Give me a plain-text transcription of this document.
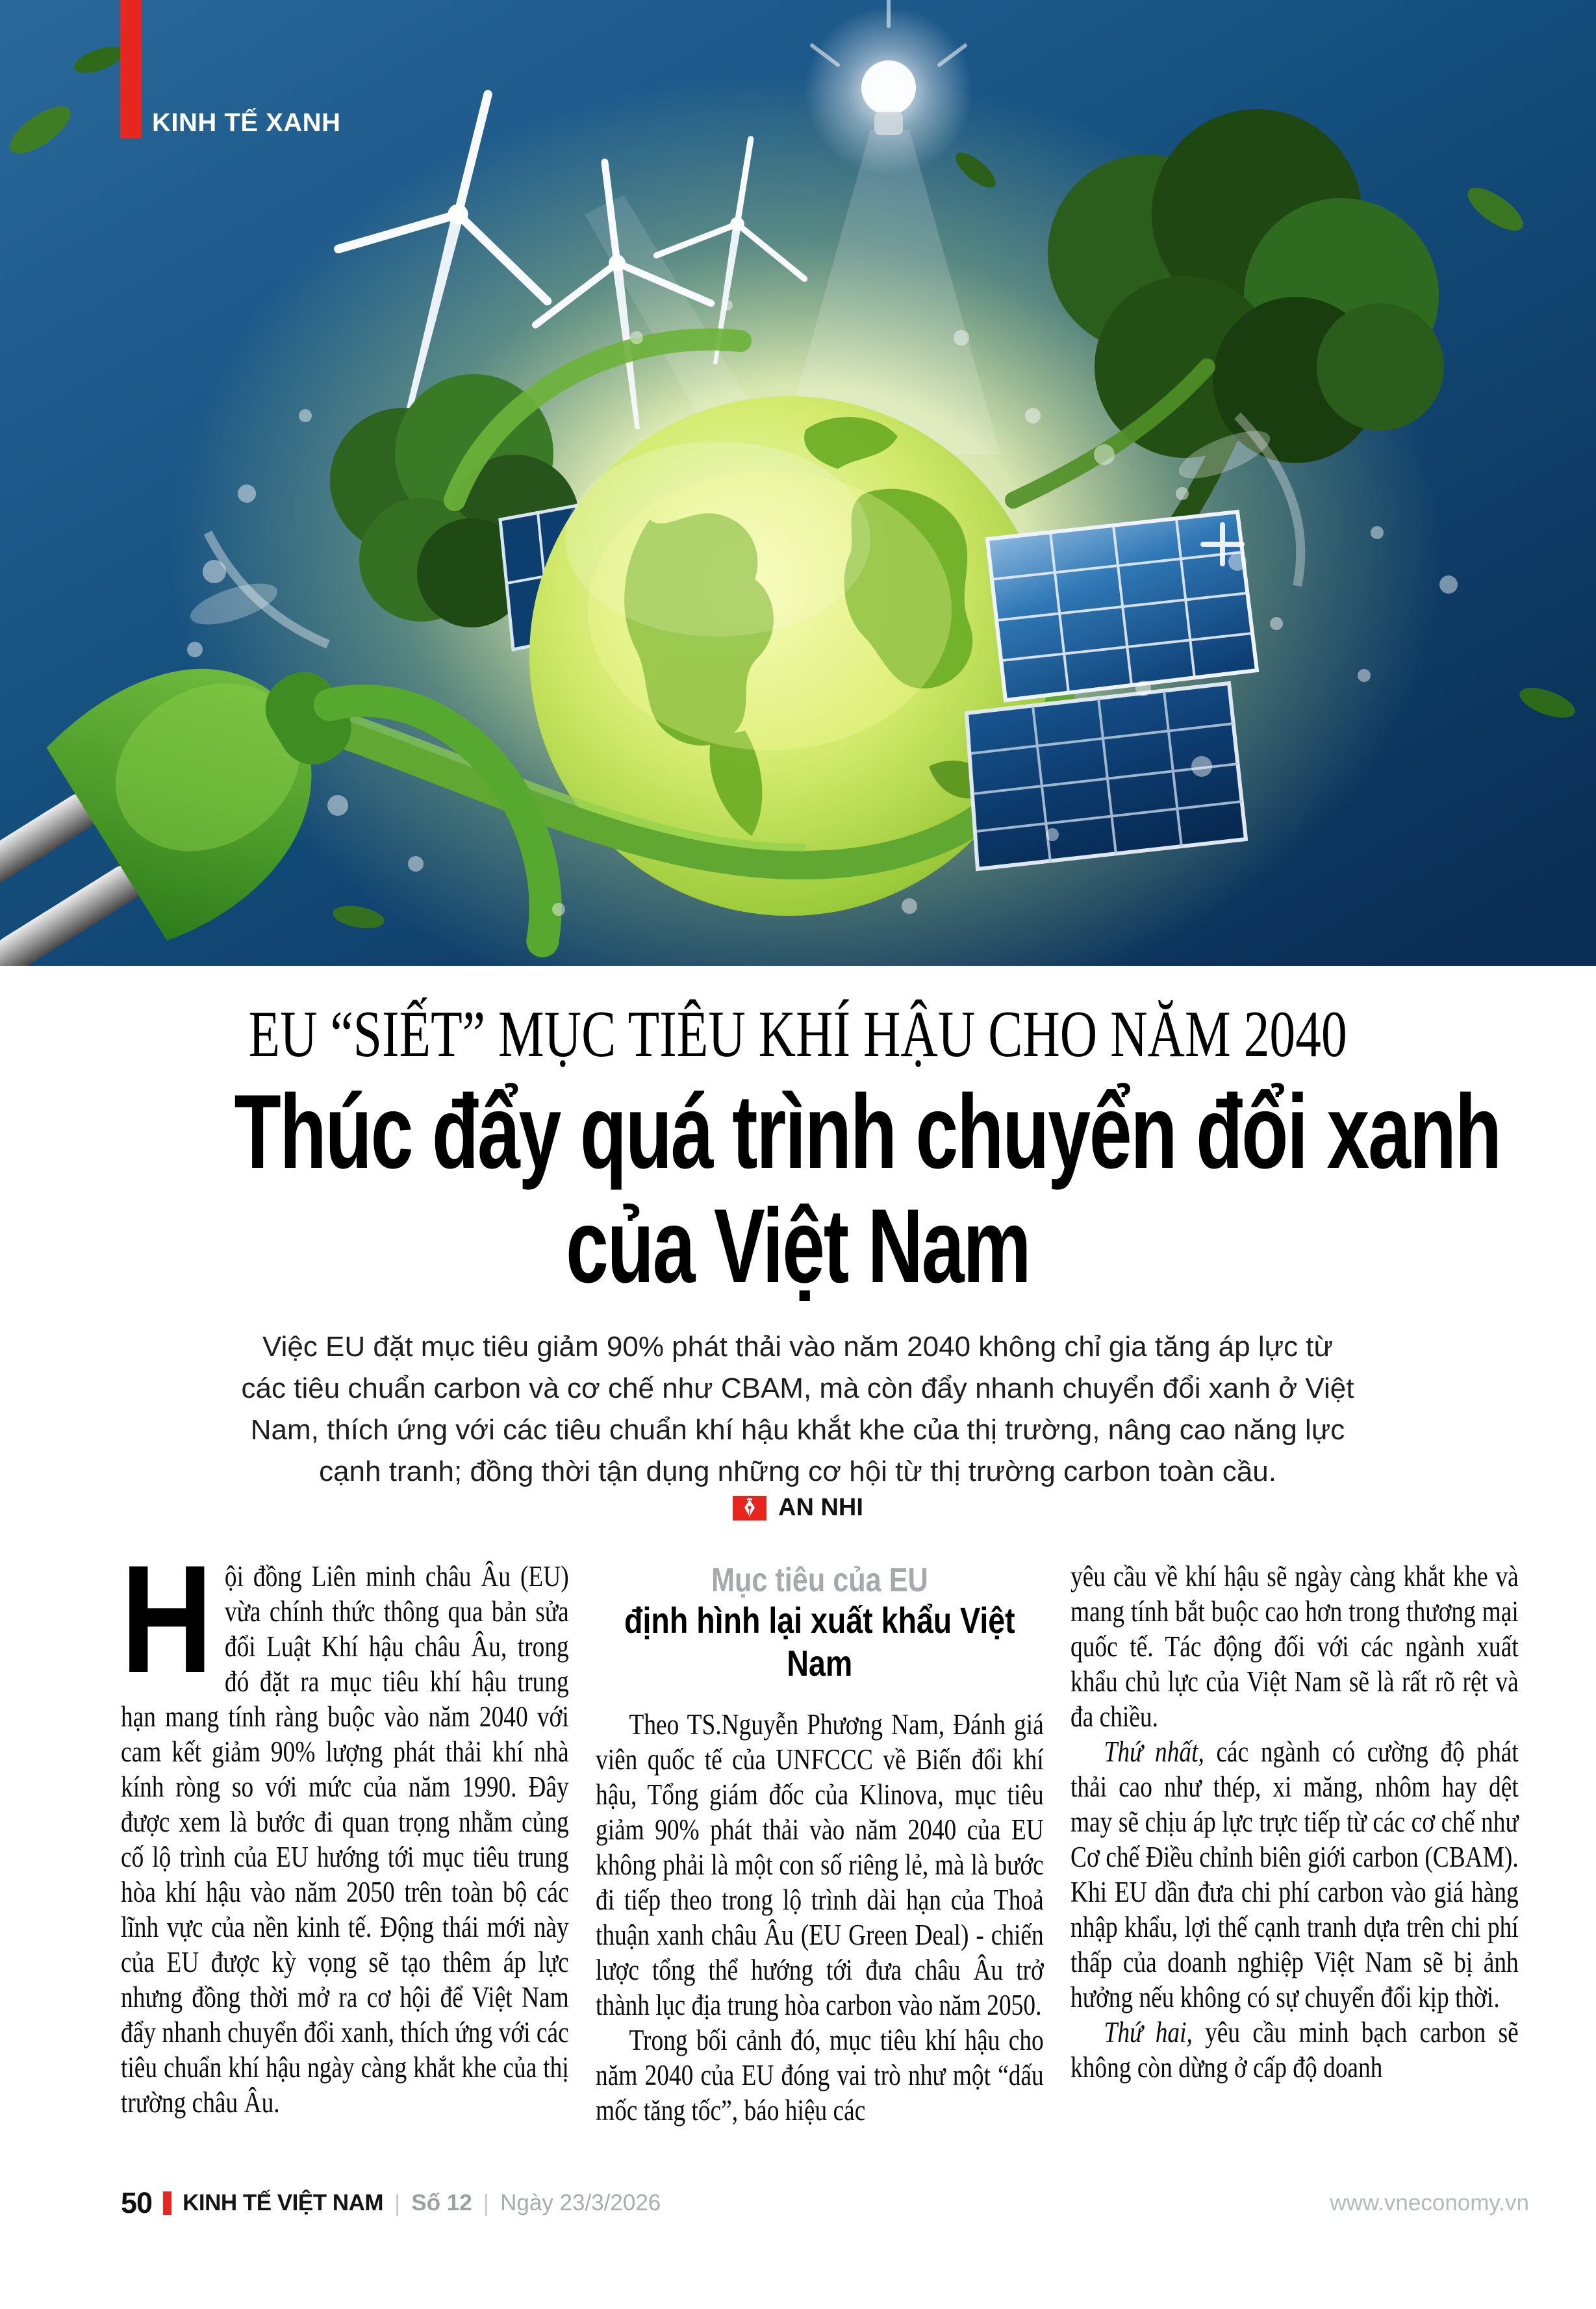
KINH TẾ XANH
EU “SIẾT” MỤC TIÊU KHÍ HẬU CHO NĂM 2040
Thúc đẩy quá trình chuyển đổi xanh
của Việt Nam
Việc EU đặt mục tiêu giảm 90% phát thải vào năm 2040 không chỉ gia tăng áp lực từ các tiêu chuẩn carbon và cơ chế như CBAM, mà còn đẩy nhanh chuyển đổi xanh ở Việt Nam, thích ứng với các tiêu chuẩn khí hậu khắt khe của thị trường, nâng cao năng lực cạnh tranh; đồng thời tận dụng những cơ hội từ thị trường carbon toàn cầu.
AN NHI

Hội đồng Liên minh châu Âu (EU) vừa chính thức thông qua bản sửa đổi Luật Khí hậu châu Âu, trong đó đặt ra mục tiêu khí hậu trung hạn mang tính ràng buộc vào năm 2040 với cam kết giảm 90% lượng phát thải khí nhà kính ròng so với mức của năm 1990. Đây được xem là bước đi quan trọng nhằm củng cố lộ trình của EU hướng tới mục tiêu trung hòa khí hậu vào năm 2050 trên toàn bộ các lĩnh vực của nền kinh tế. Động thái mới này của EU được kỳ vọng sẽ tạo thêm áp lực nhưng đồng thời mở ra cơ hội để Việt Nam đẩy nhanh chuyển đổi xanh, thích ứng với các tiêu chuẩn khí hậu ngày càng khắt khe của thị trường châu Âu.

Mục tiêu của EU
định hình lại xuất khẩu Việt Nam

Theo TS.Nguyễn Phương Nam, Đánh giá viên quốc tế của UNFCCC về Biến đổi khí hậu, Tổng giám đốc của Klinova, mục tiêu giảm 90% phát thải vào năm 2040 của EU không phải là một con số riêng lẻ, mà là bước đi tiếp theo trong lộ trình dài hạn của Thoả thuận xanh châu Âu (EU Green Deal) - chiến lược tổng thể hướng tới đưa châu Âu trở thành lục địa trung hòa carbon vào năm 2050.

Trong bối cảnh đó, mục tiêu khí hậu cho năm 2040 của EU đóng vai trò như một “dấu mốc tăng tốc”, báo hiệu các

yêu cầu về khí hậu sẽ ngày càng khắt khe và mang tính bắt buộc cao hơn trong thương mại quốc tế. Tác động đối với các ngành xuất khẩu chủ lực của Việt Nam sẽ là rất rõ rệt và đa chiều.

Thứ nhất, các ngành có cường độ phát thải cao như thép, xi măng, nhôm hay dệt may sẽ chịu áp lực trực tiếp từ các cơ chế như Cơ chế Điều chỉnh biên giới carbon (CBAM). Khi EU dần đưa chi phí carbon vào giá hàng nhập khẩu, lợi thế cạnh tranh dựa trên chi phí thấp của doanh nghiệp Việt Nam sẽ bị ảnh hưởng nếu không có sự chuyển đổi kịp thời.

Thứ hai, yêu cầu minh bạch carbon sẽ không còn dừng ở cấp độ doanh

50 KINH TẾ VIỆT NAM | Số 12 | Ngày 23/3/2026	www.vneconomy.vn
